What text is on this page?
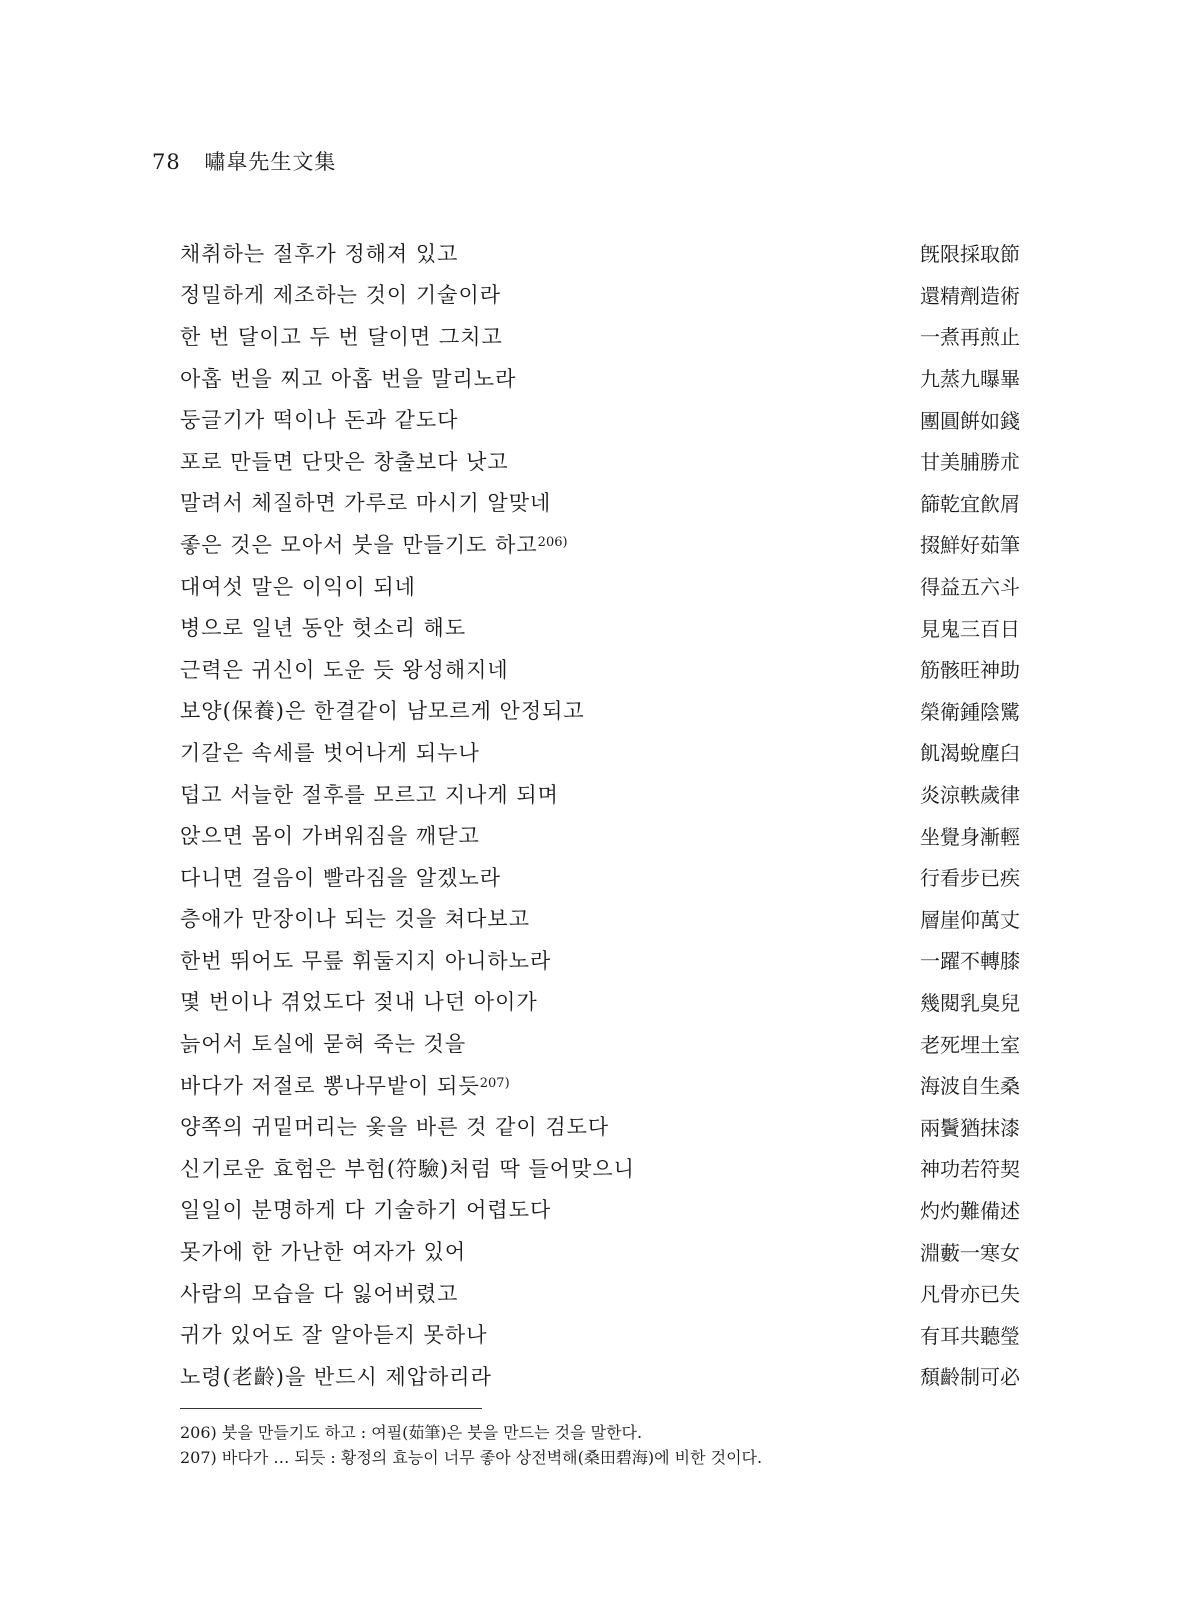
78 嘯皐先生文集
채취하는 절후가 정해져 있고	旣限採取節
정밀하게 제조하는 것이 기술이라	還精劑造術
한 번 달이고 두 번 달이면 그치고	一煮再煎止
아홉 번을 찌고 아홉 번을 말리노라	九蒸九曝畢
둥글기가 떡이나 돈과 같도다	團圓餠如錢
포로 만들면 단맛은 창출보다 낫고	甘美脯勝朮
말려서 체질하면 가루로 마시기 알맞네	篩乾宜飮屑
좋은 것은 모아서 붓을 만들기도 하고$^{206)}$	掇鮮好茹筆
대여섯 말은 이익이 되네	得益五六斗
병으로 일년 동안 헛소리 해도	見鬼三百日
근력은 귀신이 도운 듯 왕성해지네	筋骸旺神助
보양(保養)은 한결같이 남모르게 안정되고	榮衛鍾陰騭
기갈은 속세를 벗어나게 되누나	飢渴蛻塵臼
덥고 서늘한 절후를 모르고 지나게 되며	炎涼軼歲律
앉으면 몸이 가벼워짐을 깨닫고	坐覺身漸輕
다니면 걸음이 빨라짐을 알겠노라	行看步已疾
층애가 만장이나 되는 것을 쳐다보고	層崖仰萬丈
한번 뛰어도 무릎 휘둘지지 아니하노라	一躍不轉膝
몇 번이나 겪었도다 젖내 나던 아이가	幾閱乳臭兒
늙어서 토실에 묻혀 죽는 것을	老死埋土室
바다가 저절로 뽕나무밭이 되듯$^{207)}$	海波自生桑
양쪽의 귀밑머리는 옻을 바른 것 같이 검도다	兩鬢猶抹漆
신기로운 효험은 부험(符驗)처럼 딱 들어맞으니	神功若符契
일일이 분명하게 다 기술하기 어렵도다	灼灼難備述
못가에 한 가난한 여자가 있어	淵藪一寒女
사람의 모습을 다 잃어버렸고	凡骨亦已失
귀가 있어도 잘 알아듣지 못하나	有耳共聽瑩
노령(老齡)을 반드시 제압하리라	頹齡制可必
206) 붓을 만들기도 하고 : 여필(茹筆)은 붓을 만드는 것을 말한다.
207) 바다가 … 되듯 : 황정의 효능이 너무 좋아 상전벽해(桑田碧海)에 비한 것이다.
